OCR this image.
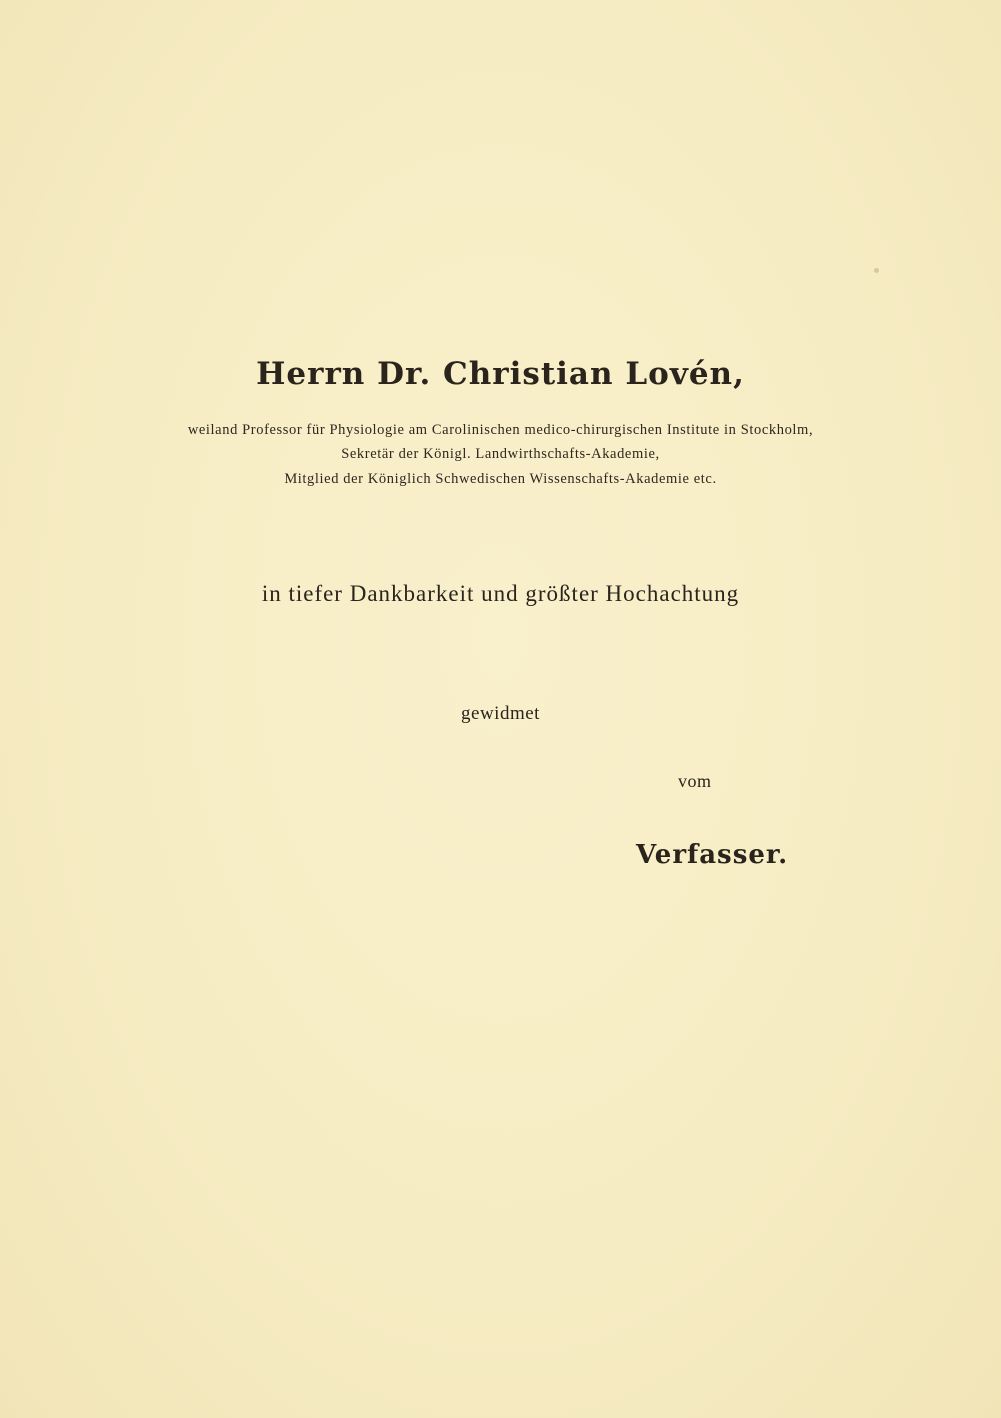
Herrn Dr. Christian Lovén,
weiland Professor für Physiologie am Carolinischen medico-chirurgischen Institute in Stockholm,
Sekretär der Königl. Landwirthschafts-Akademie,
Mitglied der Königlich Schwedischen Wissenschafts-Akademie etc.
in tiefer Dankbarkeit und größter Hochachtung
gewidmet
vom
Verfasser.
